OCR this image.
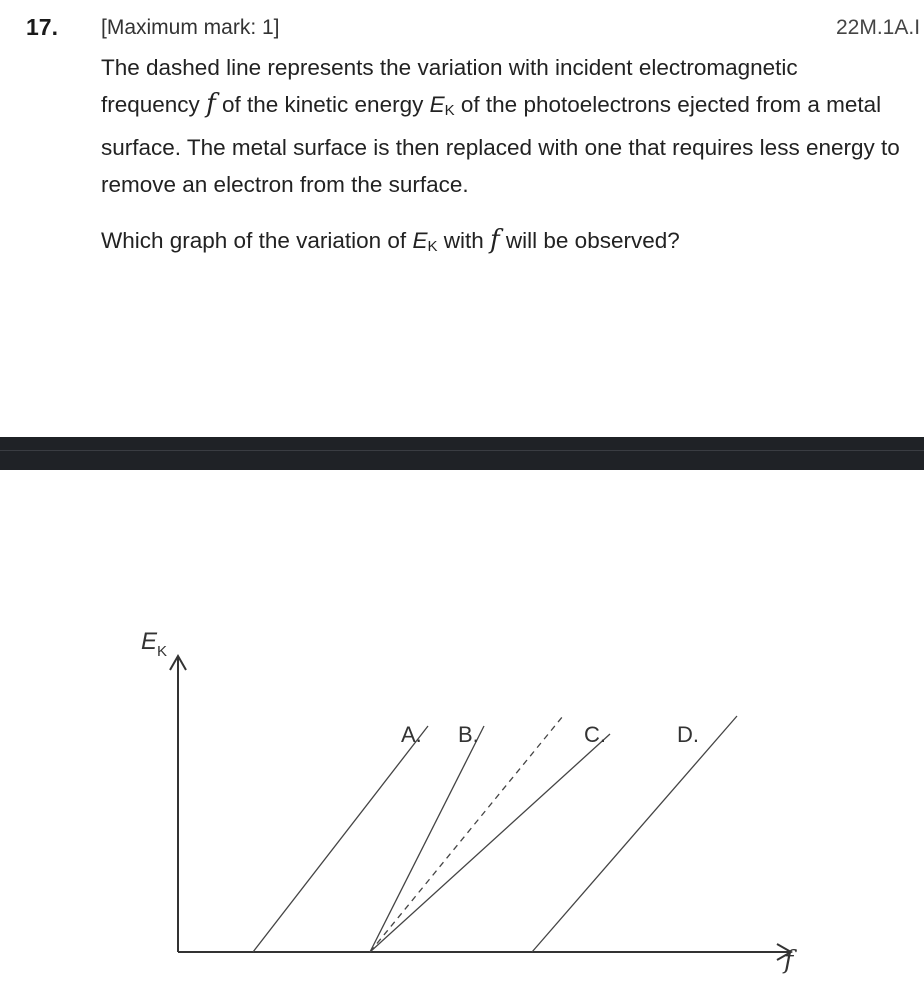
17. [Maximum mark: 1]	22M.1A.I
The dashed line represents the variation with incident electromagnetic frequency f of the kinetic energy $E_K$ of the photoelectrons ejected from a metal surface. The metal surface is then replaced with one that requires less energy to remove an electron from the surface.
Which graph of the variation of $E_K$ with f will be observed?
$E_K$
f
A. B.	C.	D.
